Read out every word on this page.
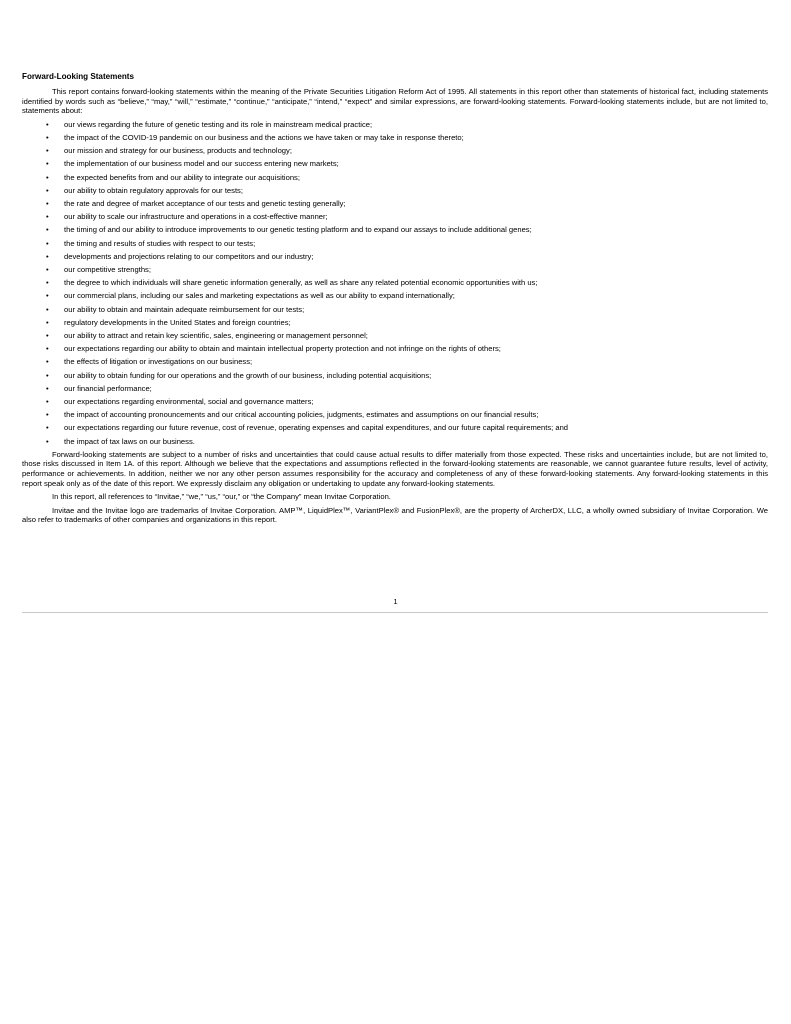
Forward-Looking Statements

This report contains forward-looking statements within the meaning of the Private Securities Litigation Reform Act of 1995. All statements in this report other than statements of historical fact, including statements identified by words such as “believe,” “may,” “will,” “estimate,” “continue,” “anticipate,” “intend,” “expect” and similar expressions, are forward-looking statements. Forward-looking statements include, but are not limited to, statements about:

• our views regarding the future of genetic testing and its role in mainstream medical practice;
• the impact of the COVID-19 pandemic on our business and the actions we have taken or may take in response thereto;
• our mission and strategy for our business, products and technology;
• the implementation of our business model and our success entering new markets;
• the expected benefits from and our ability to integrate our acquisitions;
• our ability to obtain regulatory approvals for our tests;
• the rate and degree of market acceptance of our tests and genetic testing generally;
• our ability to scale our infrastructure and operations in a cost-effective manner;
• the timing of and our ability to introduce improvements to our genetic testing platform and to expand our assays to include additional genes;
• the timing and results of studies with respect to our tests;
• developments and projections relating to our competitors and our industry;
• our competitive strengths;
• the degree to which individuals will share genetic information generally, as well as share any related potential economic opportunities with us;
• our commercial plans, including our sales and marketing expectations as well as our ability to expand internationally;
• our ability to obtain and maintain adequate reimbursement for our tests;
• regulatory developments in the United States and foreign countries;
• our ability to attract and retain key scientific, sales, engineering or management personnel;
• our expectations regarding our ability to obtain and maintain intellectual property protection and not infringe on the rights of others;
• the effects of litigation or investigations on our business;
• our ability to obtain funding for our operations and the growth of our business, including potential acquisitions;
• our financial performance;
• our expectations regarding environmental, social and governance matters;
• the impact of accounting pronouncements and our critical accounting policies, judgments, estimates and assumptions on our financial results;
• our expectations regarding our future revenue, cost of revenue, operating expenses and capital expenditures, and our future capital requirements; and
• the impact of tax laws on our business.

Forward-looking statements are subject to a number of risks and uncertainties that could cause actual results to differ materially from those expected. These risks and uncertainties include, but are not limited to, those risks discussed in Item 1A. of this report. Although we believe that the expectations and assumptions reflected in the forward-looking statements are reasonable, we cannot guarantee future results, level of activity, performance or achievements. In addition, neither we nor any other person assumes responsibility for the accuracy and completeness of any of these forward-looking statements. Any forward-looking statements in this report speak only as of the date of this report. We expressly disclaim any obligation or undertaking to update any forward-looking statements.

In this report, all references to “Invitae,” “we,” “us,” “our,” or “the Company” mean Invitae Corporation.

Invitae and the Invitae logo are trademarks of Invitae Corporation. AMP™, LiquidPlex™, VariantPlex® and FusionPlex®, are the property of ArcherDX, LLC, a wholly owned subsidiary of Invitae Corporation. We also refer to trademarks of other companies and organizations in this report.

1
